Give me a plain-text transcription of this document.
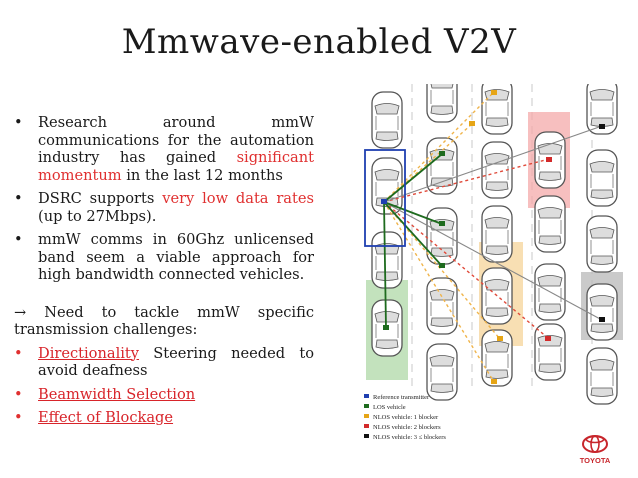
Mmwave-enabled V2V
• Research around mmW communications for the automation industry has gained significant momentum in the last 12 months
• DSRC supports very low data rates (up to 27Mbps).
• mmW comms in 60Ghz unlicensed band seem a viable approach for high bandwidth connected vehicles.
→ Need to tackle mmW specific transmission challenges:
• Directionality Steering needed to avoid deafness
• Beamwidth Selection
• Effect of Blockage
Reference transmitter
LOS vehicle
NLOS vehicle: 1 blocker
NLOS vehicle: 2 blockers
NLOS vehicle: 3 ≤ blockers
TOYOTA
